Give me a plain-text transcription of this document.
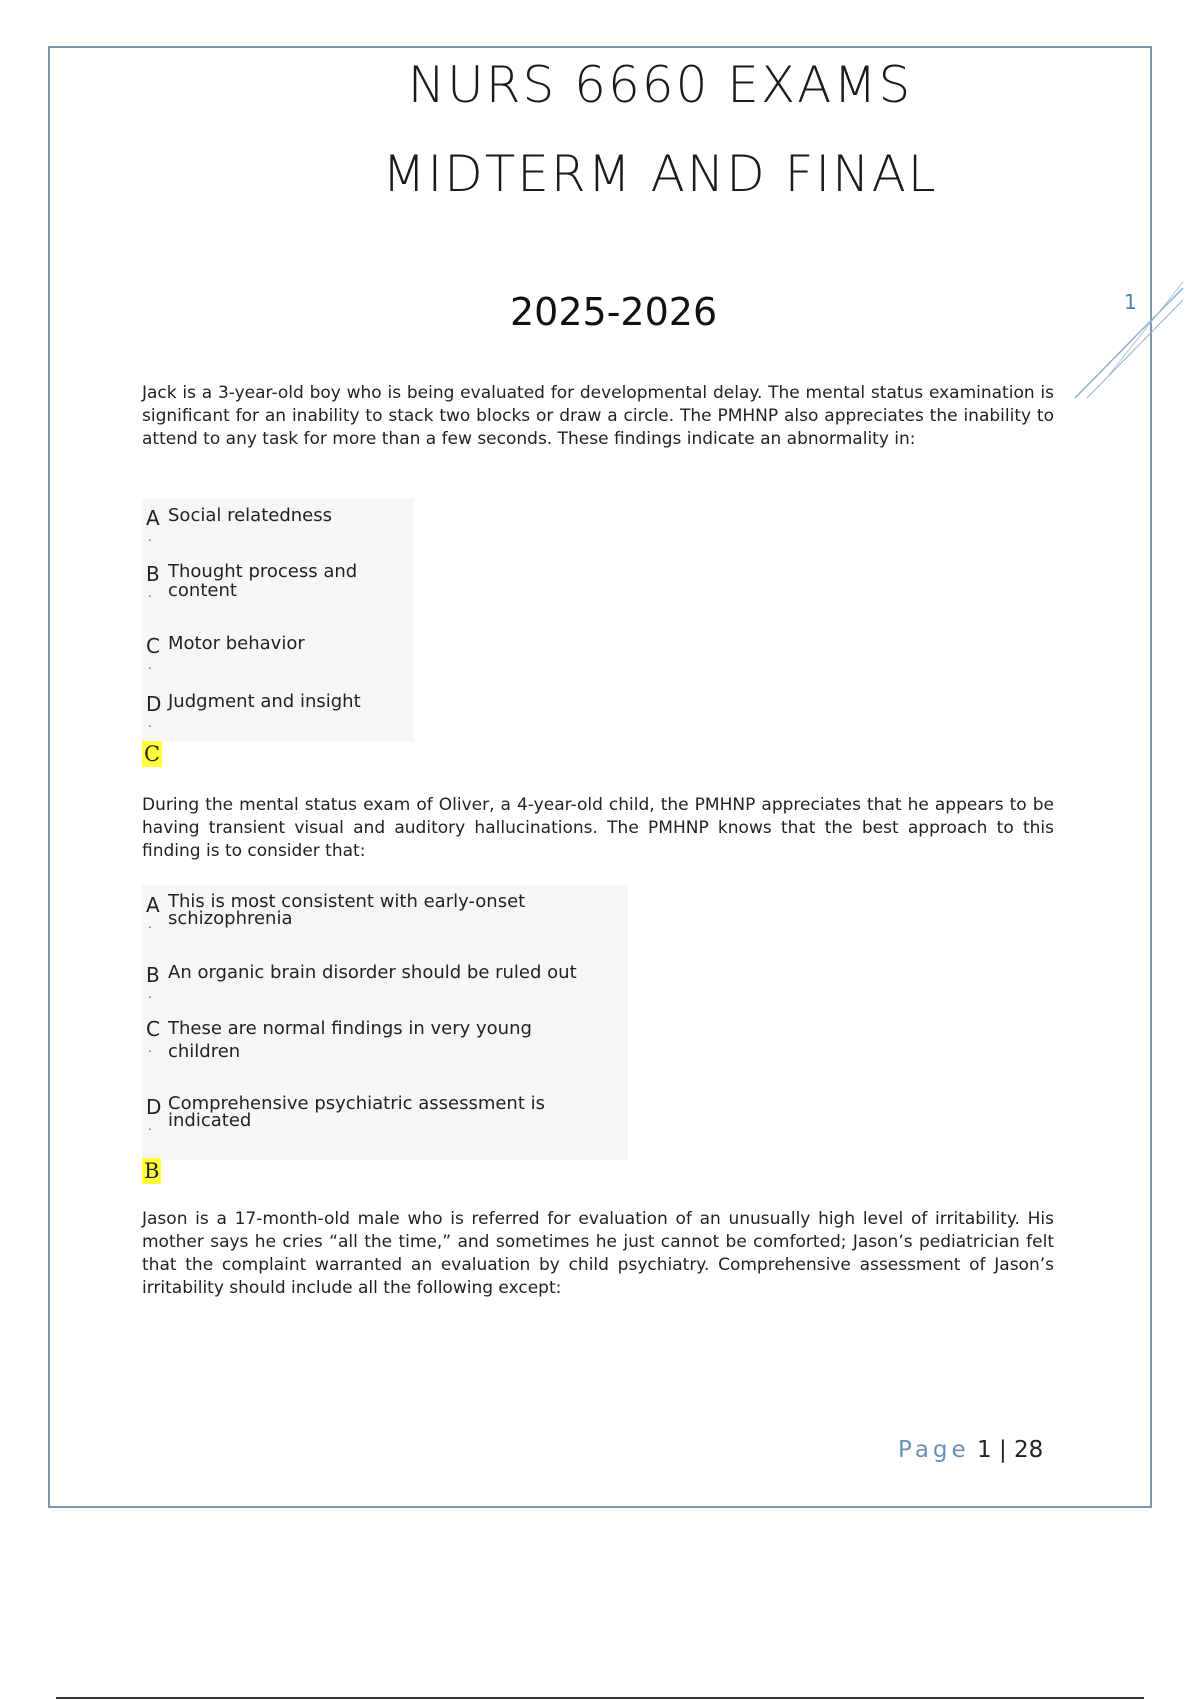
NURS 6660 EXAMS
MIDTERM AND FINAL
2025-2026	1
Jack is a 3-year-old boy who is being evaluated for developmental delay. The mental status examination is significant for an inability to stack two blocks or draw a circle. The PMHNP also appreciates the inability to attend to any task for more than a few seconds. These findings indicate an abnormality in:
A
.
Social relatedness
B
.
Thought process and content
C
.
Motor behavior
D
.
Judgment and insight
C
During the mental status exam of Oliver, a 4-year-old child, the PMHNP appreciates that he appears to be having transient visual and auditory hallucinations. The PMHNP knows that the best approach to this finding is to consider that:
A
.
This is most consistent with early-onset schizophrenia
B
.
An organic brain disorder should be ruled out
C
.
These are normal findings in very young children
D
.
Comprehensive psychiatric assessment is indicated
B
Jason is a 17-month-old male who is referred for evaluation of an unusually high level of irritability. His mother says he cries “all the time,” and sometimes he just cannot be comforted; Jason’s pediatrician felt that the complaint warranted an evaluation by child psychiatry. Comprehensive assessment of Jason’s irritability should include all the following except:
Page 1 | 28
